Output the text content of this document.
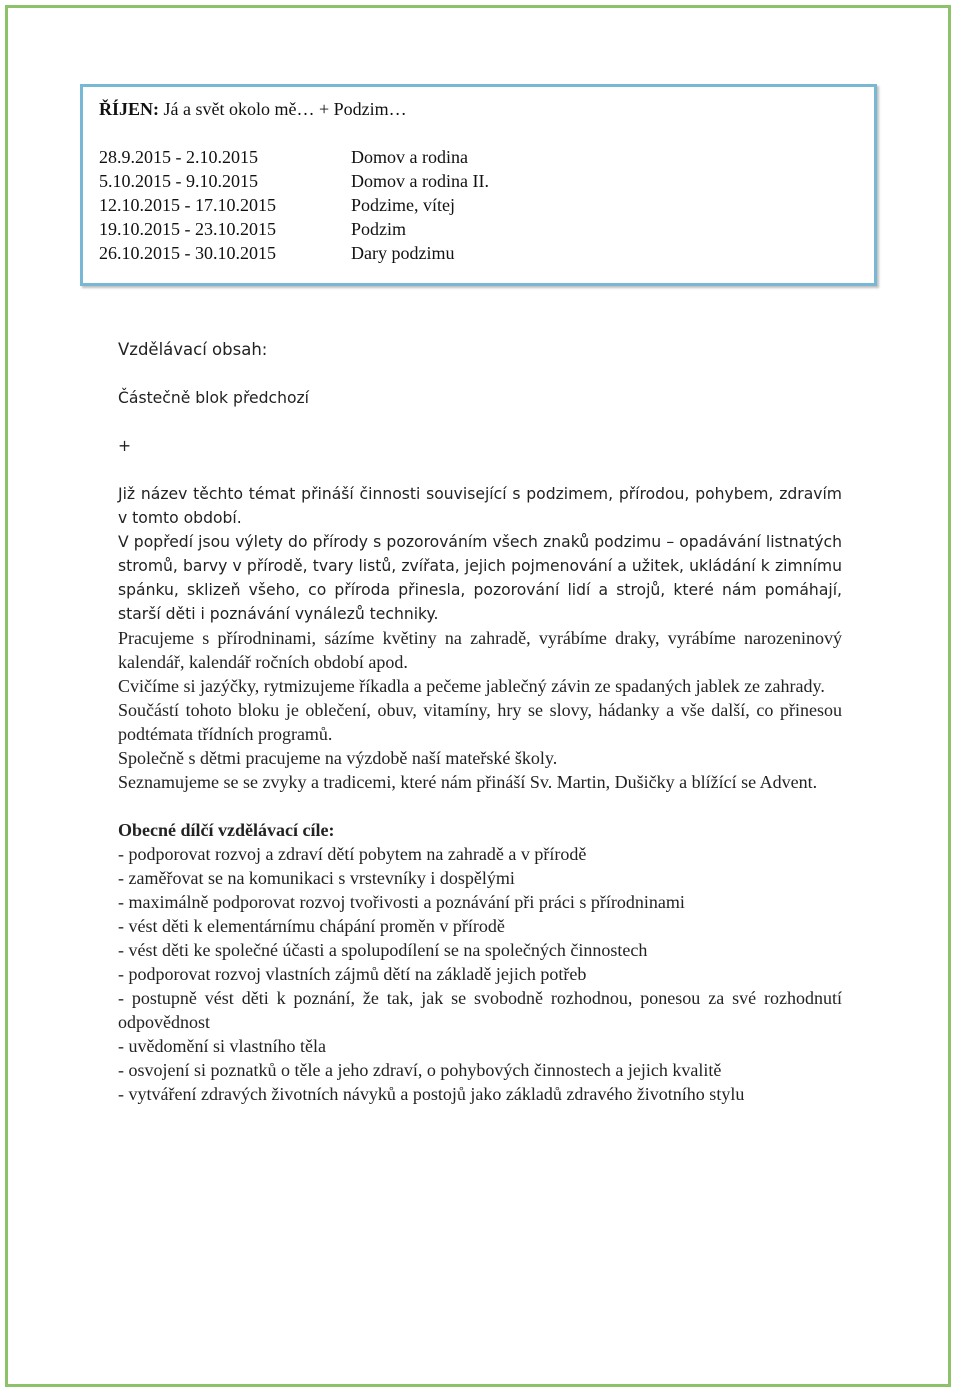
ŘÍJEN: Já a svět okolo mě… + Podzim…
28.9.2015 - 2.10.2015	Domov a rodina
5.10.2015 - 9.10.2015	Domov a rodina II.
12.10.2015 - 17.10.2015	Podzime, vítej
19.10.2015 - 23.10.2015	Podzim
26.10.2015 - 30.10.2015	Dary podzimu

Vzdělávací obsah:

Částečně blok předchozí

+

Již název těchto témat přináší činnosti související s podzimem, přírodou, pohybem, zdravím v tomto období.

V popředí jsou výlety do přírody s pozorováním všech znaků podzimu – opadávání listnatých stromů, barvy v přírodě, tvary listů, zvířata, jejich pojmenování a užitek, ukládání k zimnímu spánku, sklizeň všeho, co příroda přinesla, pozorování lidí a strojů, které nám pomáhají, starší děti i poznávání vynálezů techniky.

Pracujeme s přírodninami, sázíme květiny na zahradě, vyrábíme draky, vyrábíme narozeninový kalendář, kalendář ročních období apod.

Cvičíme si jazýčky, rytmizujeme říkadla a pečeme jablečný závin ze spadaných jablek ze zahrady.

Součástí tohoto bloku je oblečení, obuv, vitamíny, hry se slovy, hádanky a vše další, co přinesou podtémata třídních programů.

Společně s dětmi pracujeme na výzdobě naší mateřské školy.

Seznamujeme se se zvyky a tradicemi, které nám přináší Sv. Martin, Dušičky a blížící se Advent.

Obecné dílčí vzdělávací cíle:

- podporovat rozvoj a zdraví dětí pobytem na zahradě a v přírodě

- zaměřovat se na komunikaci s vrstevníky i dospělými

- maximálně podporovat rozvoj tvořivosti a poznávání při práci s přírodninami

- vést děti k elementárnímu chápání proměn v přírodě

- vést děti ke společné účasti a spolupodílení se na společných činnostech

- podporovat rozvoj vlastních zájmů dětí na základě jejich potřeb

- postupně vést děti k poznání, že tak, jak se svobodně rozhodnou, ponesou za své rozhodnutí odpovědnost

- uvědomění si vlastního těla

- osvojení si poznatků o těle a jeho zdraví, o pohybových činnostech a jejich kvalitě

- vytváření zdravých životních návyků a postojů jako základů zdravého životního stylu
